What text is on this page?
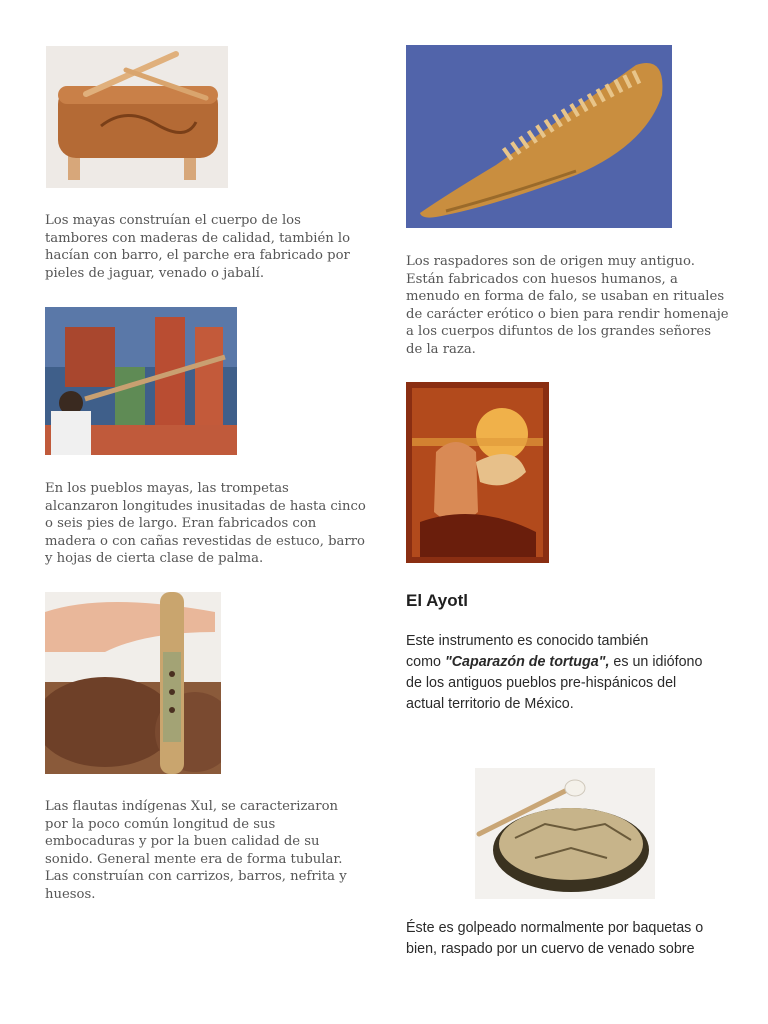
Los mayas construían el cuerpo de los
tambores con maderas de calidad, también lo
hacían con barro, el parche era fabricado por
pieles de jaguar, venado o jabalí.

En los pueblos mayas, las trompetas
alcanzaron longitudes inusitadas de hasta cinco
o seis pies de largo. Eran fabricados con
madera o con cañas revestidas de estuco, barro
y hojas de cierta clase de palma.

Las flautas indígenas Xul, se caracterizaron
por la poco común longitud de sus
embocaduras y por la buen calidad de su
sonido. General mente era de forma tubular.
Las construían con carrizos, barros, nefrita y
huesos.

Los raspadores son de origen muy antiguo.
Están fabricados con huesos humanos, a
menudo en forma de falo, se usaban en rituales
de carácter erótico o bien para rendir homenaje
a los cuerpos difuntos de los grandes señores
de la raza.

El Ayotl
Este instrumento es conocido también
como "Caparazón de tortuga", es un idiófono
de los antiguos pueblos pre-hispánicos del
actual territorio de México.
Éste es golpeado normalmente por baquetas o
bien, raspado por un cuervo de venado sobre
